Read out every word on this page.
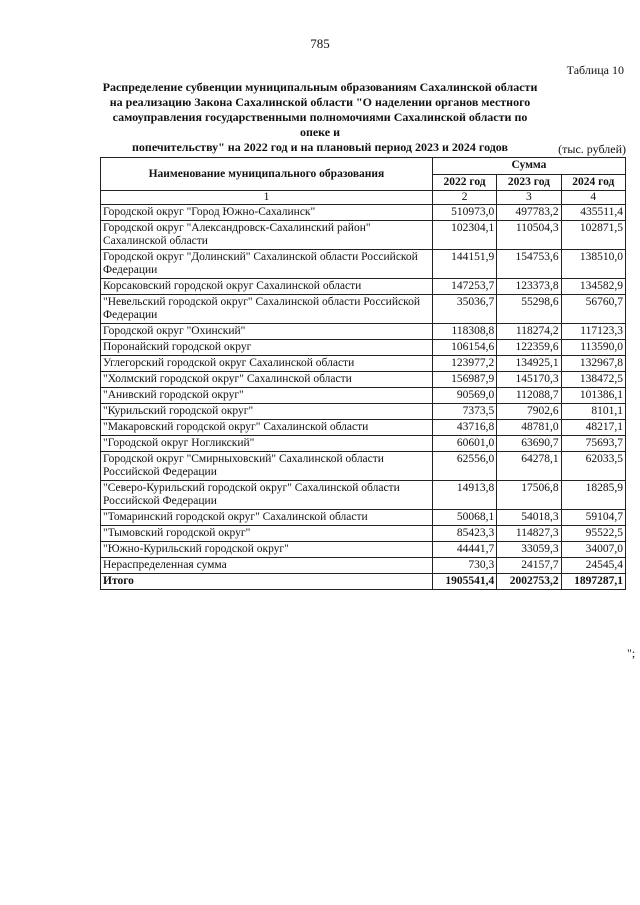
785
Таблица 10
Распределение субвенции муниципальным образованиям Сахалинской области
на реализацию Закона Сахалинской области "О наделении органов местного
самоуправления государственными полномочиями Сахалинской области по опеке и
попечительству" на 2022 год и на плановый период 2023 и 2024 годов	(тыс. рублей)
Наименование муниципального образования	Сумма		
	2022 год	2023 год	2024 год
1	2	3	4
Городской округ "Город Южно-Сахалинск"	510973,0	497783,2	435511,4
Городской округ "Александровск-Сахалинский район" Сахалинской области	102304,1	110504,3	102871,5
Городской округ "Долинский" Сахалинской области Российской Федерации	144151,9	154753,6	138510,0
Корсаковский городской округ Сахалинской области	147253,7	123373,8	134582,9
"Невельский городской округ" Сахалинской области Российской Федерации	35036,7	55298,6	56760,7
Городской округ "Охинский"	118308,8	118274,2	117123,3
Поронайский городской округ	106154,6	122359,6	113590,0
Углегорский городской округ Сахалинской области	123977,2	134925,1	132967,8
"Холмский городской округ" Сахалинской области	156987,9	145170,3	138472,5
"Анивский городской округ"	90569,0	112088,7	101386,1
"Курильский городской округ"	7373,5	7902,6	8101,1
"Макаровский городской округ" Сахалинской области	43716,8	48781,0	48217,1
"Городской округ Ногликский"	60601,0	63690,7	75693,7
Городской округ "Смирныховский" Сахалинской области Российской Федерации	62556,0	64278,1	62033,5
"Северо-Курильский городской округ" Сахалинской области Российской Федерации	14913,8	17506,8	18285,9
"Томаринский городской округ" Сахалинской области	50068,1	54018,3	59104,7
"Тымовский городской округ"	85423,3	114827,3	95522,5
"Южно-Курильский городской округ"	44441,7	33059,3	34007,0
Нераспределенная сумма	730,3	24157,7	24545,4
Итого	1905541,4	2002753,2	1897287,1
";
